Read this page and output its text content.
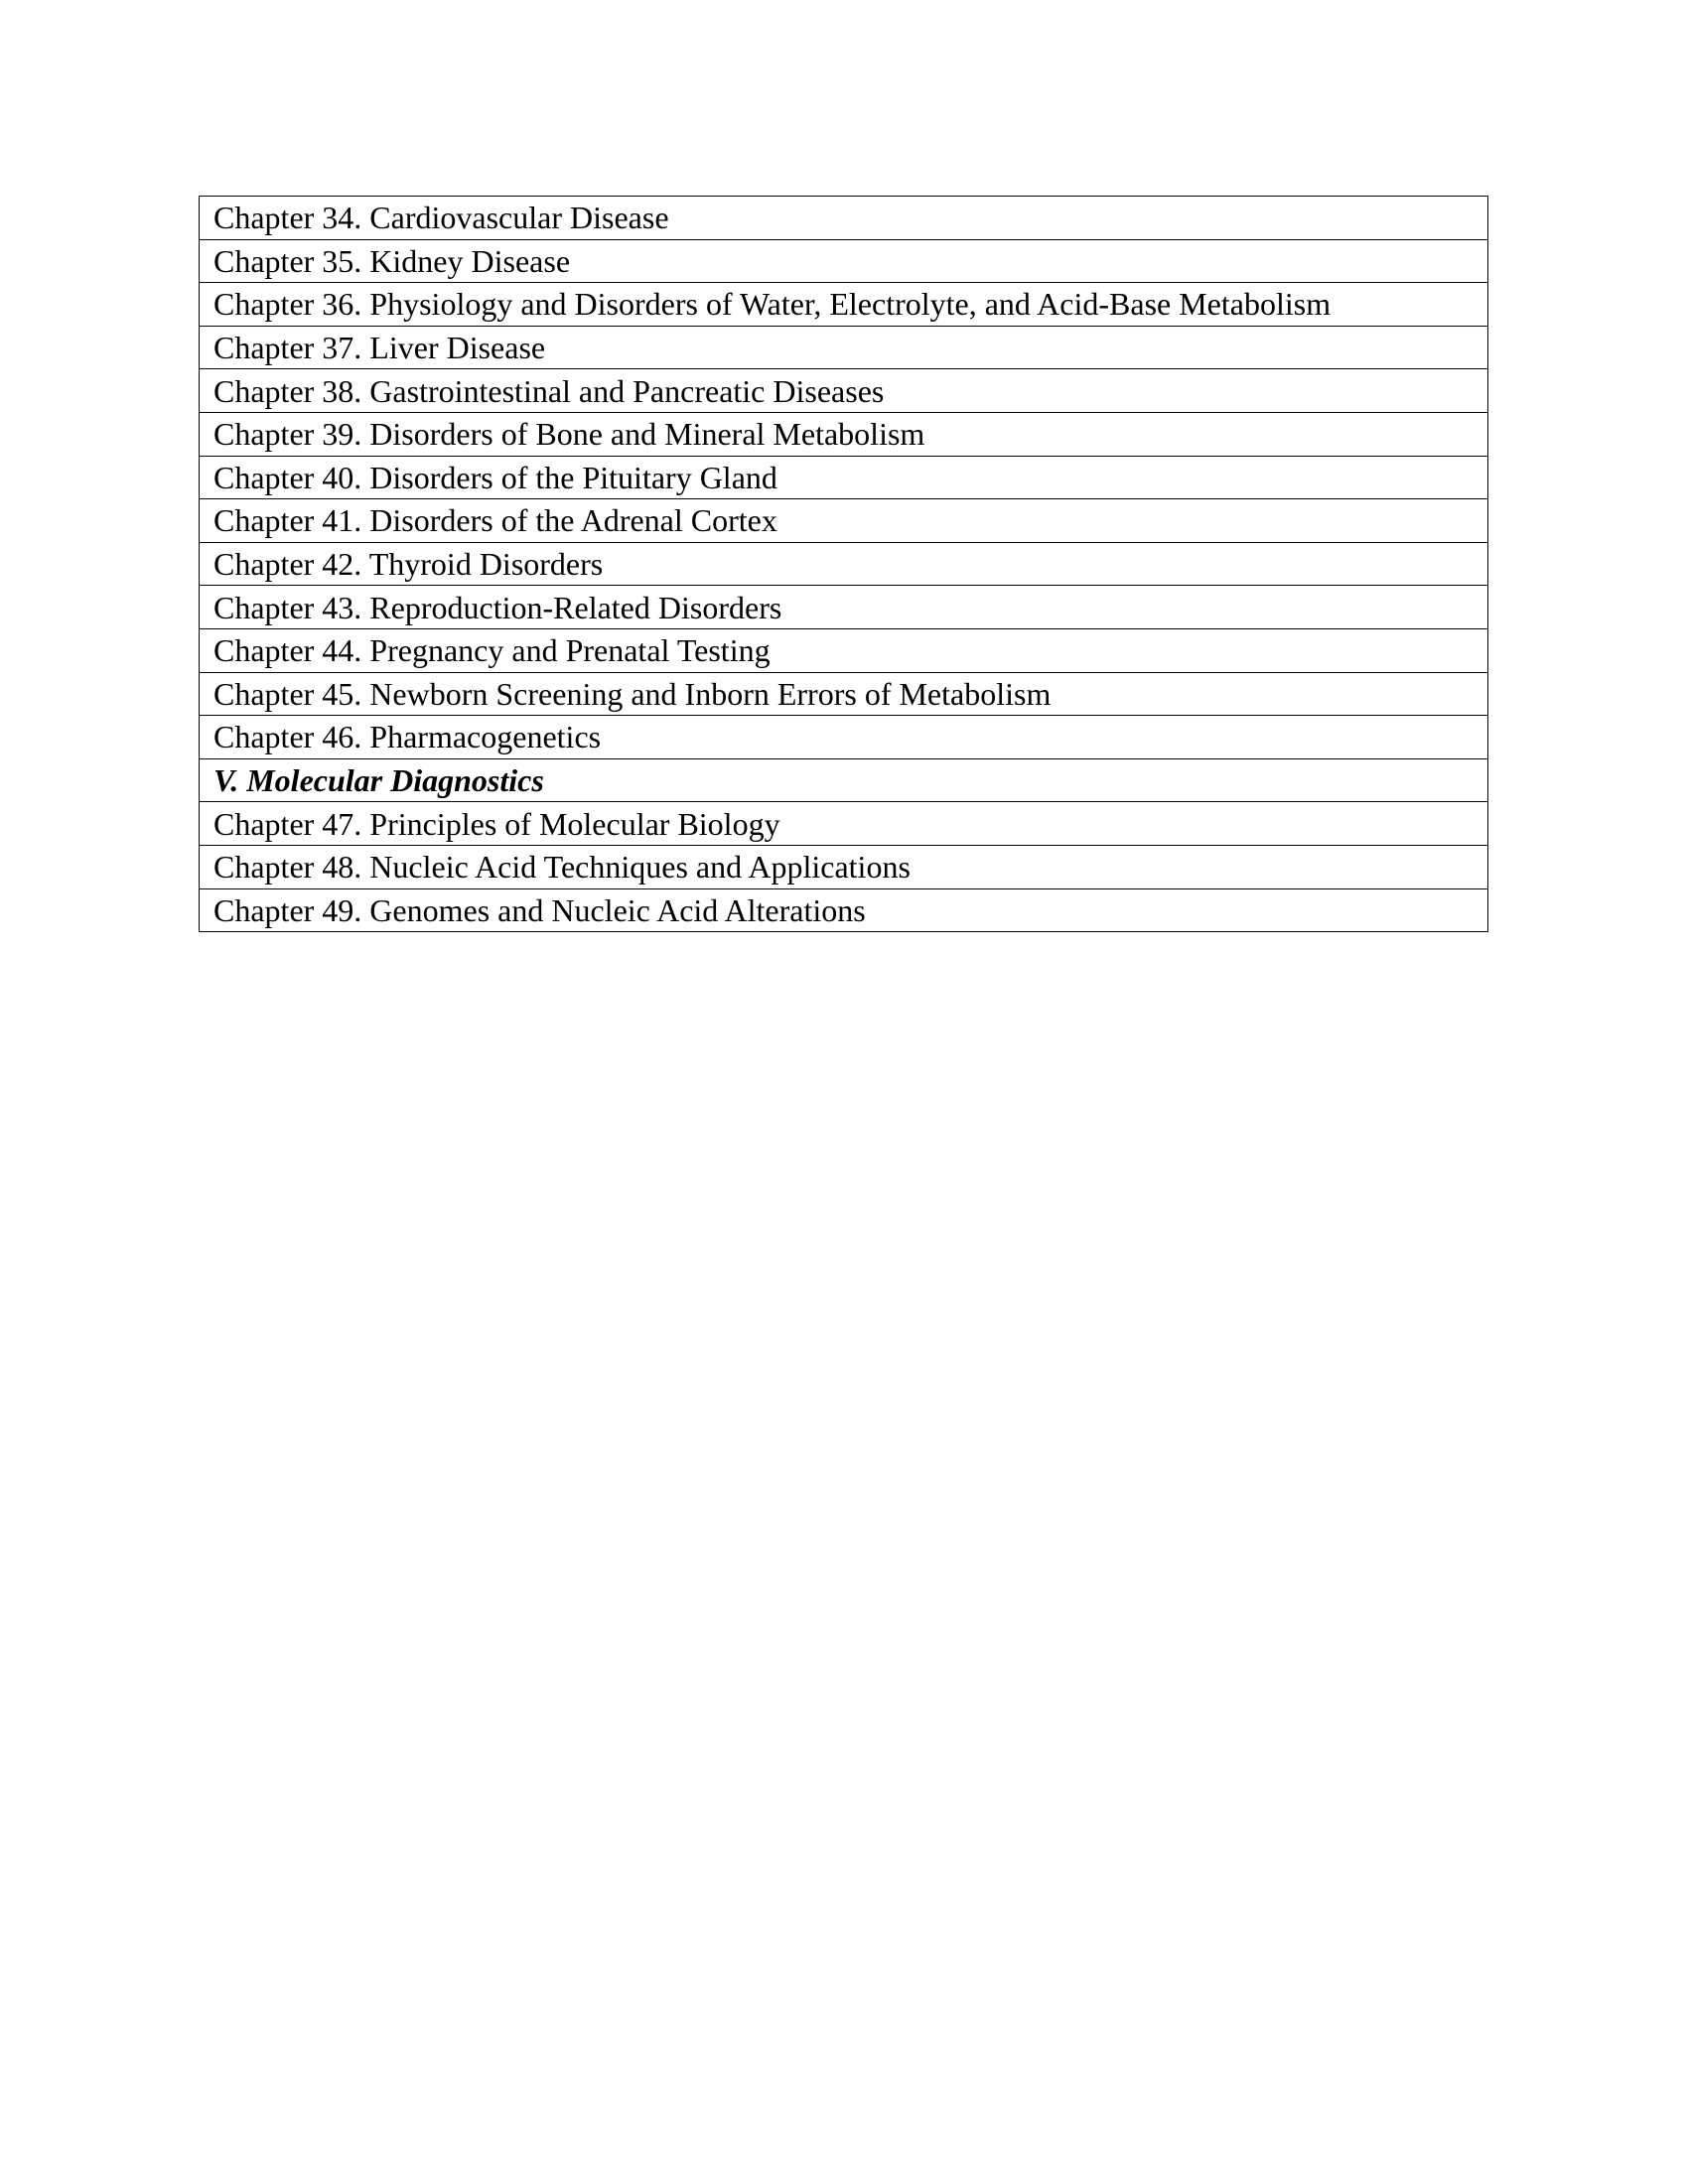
Chapter 34. Cardiovascular Disease
Chapter 35. Kidney Disease
Chapter 36. Physiology and Disorders of Water, Electrolyte, and Acid-Base Metabolism
Chapter 37. Liver Disease
Chapter 38. Gastrointestinal and Pancreatic Diseases
Chapter 39. Disorders of Bone and Mineral Metabolism
Chapter 40. Disorders of the Pituitary Gland
Chapter 41. Disorders of the Adrenal Cortex
Chapter 42. Thyroid Disorders
Chapter 43. Reproduction-Related Disorders
Chapter 44. Pregnancy and Prenatal Testing
Chapter 45. Newborn Screening and Inborn Errors of Metabolism
Chapter 46. Pharmacogenetics
V. Molecular Diagnostics
Chapter 47. Principles of Molecular Biology
Chapter 48. Nucleic Acid Techniques and Applications
Chapter 49. Genomes and Nucleic Acid Alterations
